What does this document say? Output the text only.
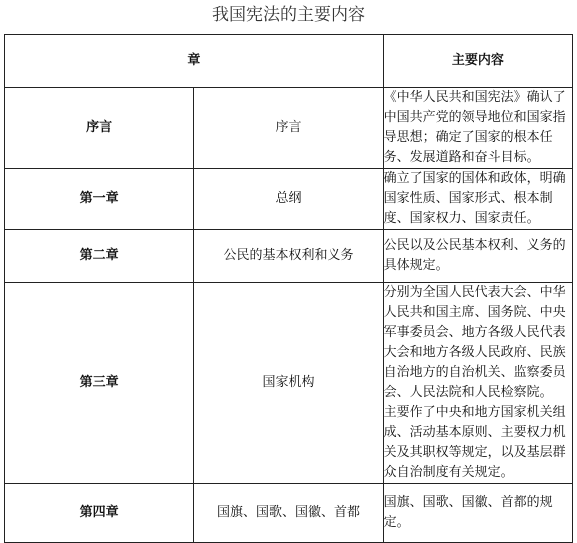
我国宪法的主要内容
章		主要内容
序言	序言	《中华人民共和国宪法》确认了中国共产党的领导地位和国家指导思想；确定了国家的根本任务、发展道路和奋斗目标。
第一章	总纲	确立了国家的国体和政体，明确国家性质、国家形式、根本制度、国家权力、国家责任。
第二章	公民的基本权利和义务	公民以及公民基本权利、义务的具体规定。
第三章	国家机构	分别为全国人民代表大会、中华人民共和国主席、国务院、中央军事委员会、地方各级人民代表大会和地方各级人民政府、民族自治地方的自治机关、监察委员会、人民法院和人民检察院。
主要作了中央和地方国家机关组成、活动基本原则、主要权力机关及其职权等规定，以及基层群众自治制度有关规定。

第四章	国旗、国歌、国徽、首都	国旗、国歌、国徽、首都的规定。
